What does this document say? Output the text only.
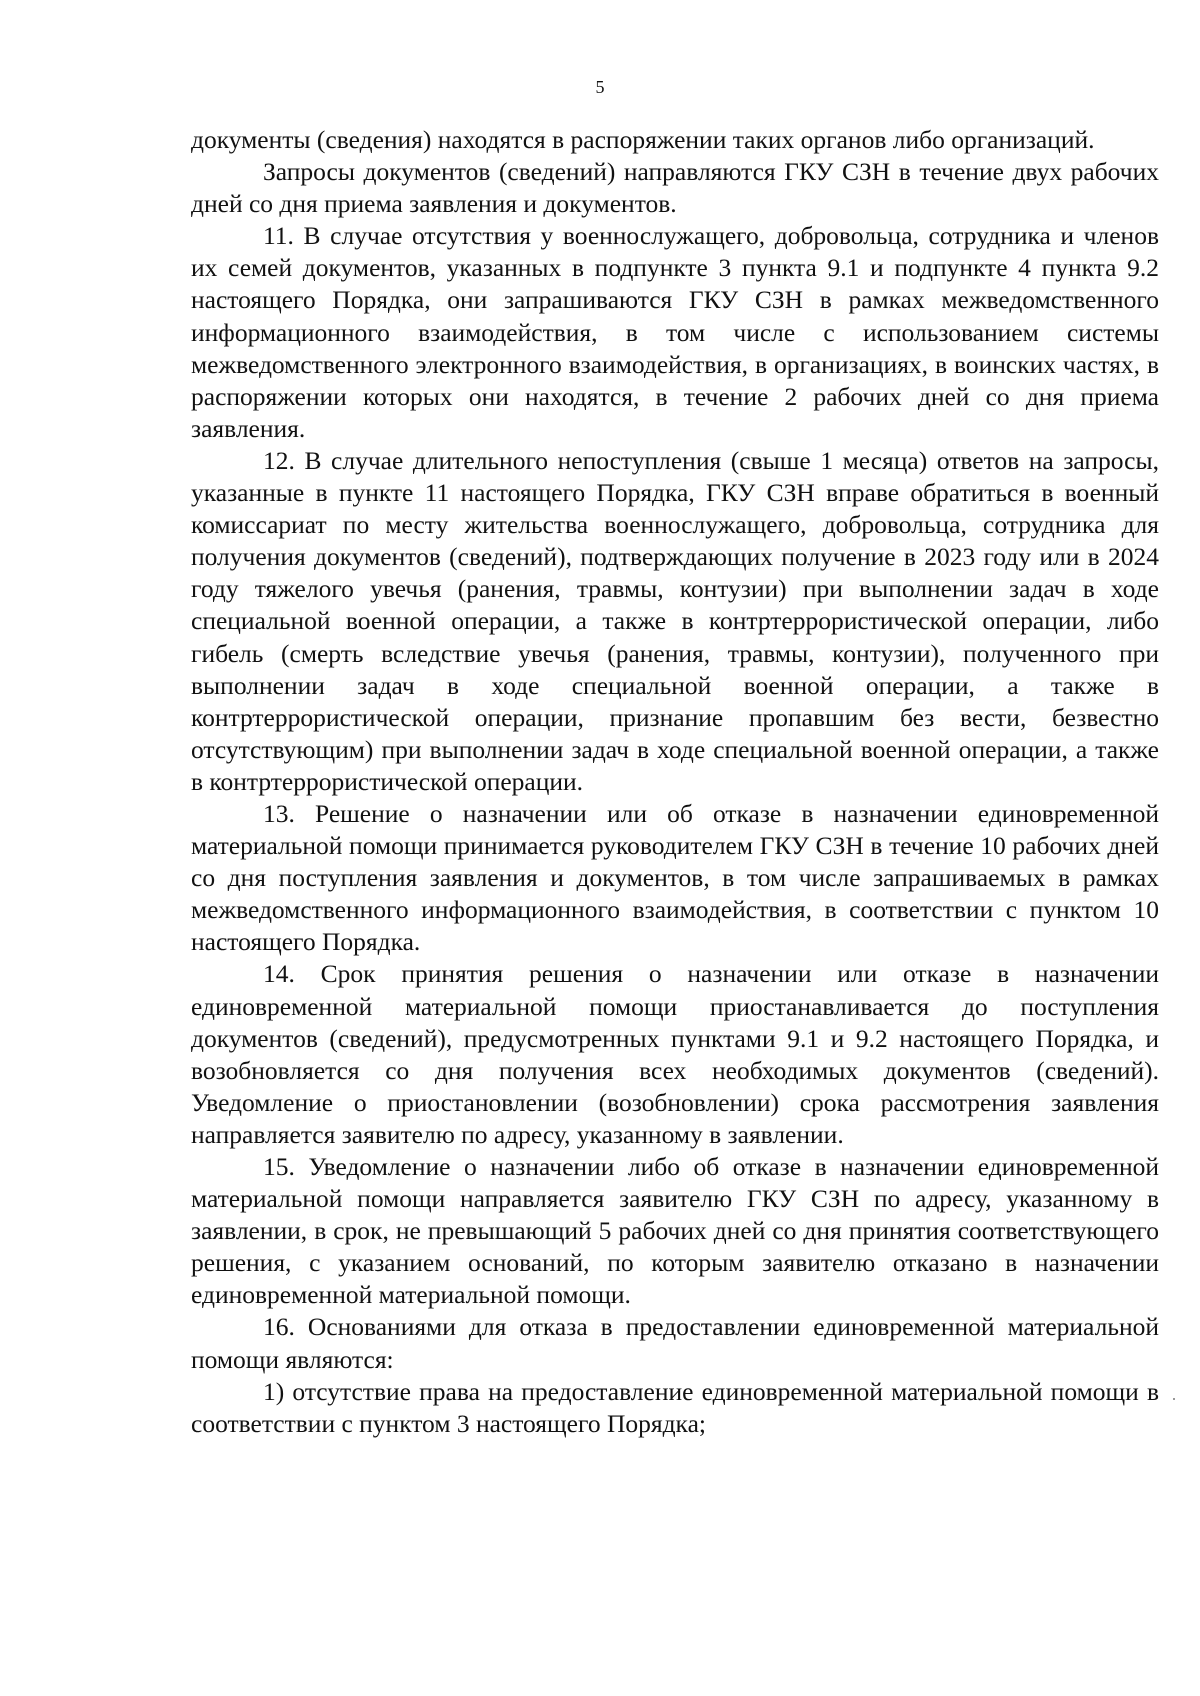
5

документы (сведения) находятся в распоряжении таких органов либо организаций.

Запросы документов (сведений) направляются ГКУ СЗН в течение двух рабочих дней со дня приема заявления и документов.

11. В случае отсутствия у военнослужащего, добровольца, сотрудника и членов их семей документов, указанных в подпункте 3 пункта 9.1 и подпункте 4 пункта 9.2 настоящего Порядка, они запрашиваются ГКУ СЗН в рамках межведомственного информационного взаимодействия, в том числе с использованием системы межведомственного электронного взаимодействия, в организациях, в воинских частях, в распоряжении которых они находятся, в течение 2 рабочих дней со дня приема заявления.

12. В случае длительного непоступления (свыше 1 месяца) ответов на запросы, указанные в пункте 11 настоящего Порядка, ГКУ СЗН вправе обратиться в военный комиссариат по месту жительства военнослужащего, добровольца, сотрудника для получения документов (сведений), подтверждающих получение в 2023 году или в 2024 году тяжелого увечья (ранения, травмы, контузии) при выполнении задач в ходе специальной военной операции, а также в контртеррористической операции, либо гибель (смерть вследствие увечья (ранения, травмы, контузии), полученного при выполнении задач в ходе специальной военной операции, а также в контртеррористической операции, признание пропавшим без вести, безвестно отсутствующим) при выполнении задач в ходе специальной военной операции, а также в контртеррористической операции.

13. Решение о назначении или об отказе в назначении единовременной материальной помощи принимается руководителем ГКУ СЗН в течение 10 рабочих дней со дня поступления заявления и документов, в том числе запрашиваемых в рамках межведомственного информационного взаимодействия, в соответствии с пунктом 10 настоящего Порядка.

14. Срок принятия решения о назначении или отказе в назначении единовременной материальной помощи приостанавливается до поступления документов (сведений), предусмотренных пунктами 9.1 и 9.2 настоящего Порядка, и возобновляется со дня получения всех необходимых документов (сведений). Уведомление о приостановлении (возобновлении) срока рассмотрения заявления направляется заявителю по адресу, указанному в заявлении.

15. Уведомление о назначении либо об отказе в назначении единовременной материальной помощи направляется заявителю ГКУ СЗН по адресу, указанному в заявлении, в срок, не превышающий 5 рабочих дней со дня принятия соответствующего решения, с указанием оснований, по которым заявителю отказано в назначении единовременной материальной помощи.

16. Основаниями для отказа в предоставлении единовременной материальной помощи являются:

1) отсутствие права на предоставление единовременной материальной помощи в соответствии с пунктом 3 настоящего Порядка;
